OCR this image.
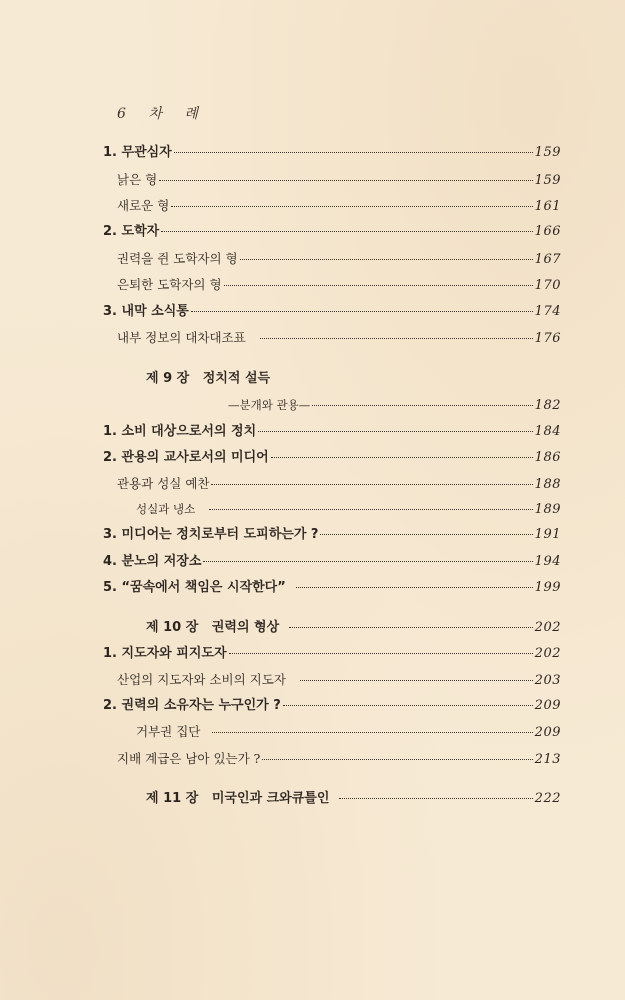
6 차 례
1. 무관심자	159
낡은 형	159
새로운 형	161
2. 도학자	166
권력을 쥔 도학자의 형	167
은퇴한 도학자의 형	170
3. 내막 소식통	174
내부 정보의 대차대조표	176
제 9 장   정치적 설득
—분개와 관용—	182
1. 소비 대상으로서의 정치	184
2. 관용의 교사로서의 미디어	186
관용과 성실 예찬	188
성실과 냉소	189
3. 미디어는 정치로부터 도피하는가 ?	191
4. 분노의 저장소	194
5. “꿈속에서 책임은 시작한다”	199
제 10 장   권력의 형상	202
1. 지도자와 피지도자	202
산업의 지도자와 소비의 지도자	203
2. 권력의 소유자는 누구인가 ?	209
거부권 집단	209
지배 계급은 남아 있는가 ?	213
제 11 장   미국인과 크와큐틀인	222
